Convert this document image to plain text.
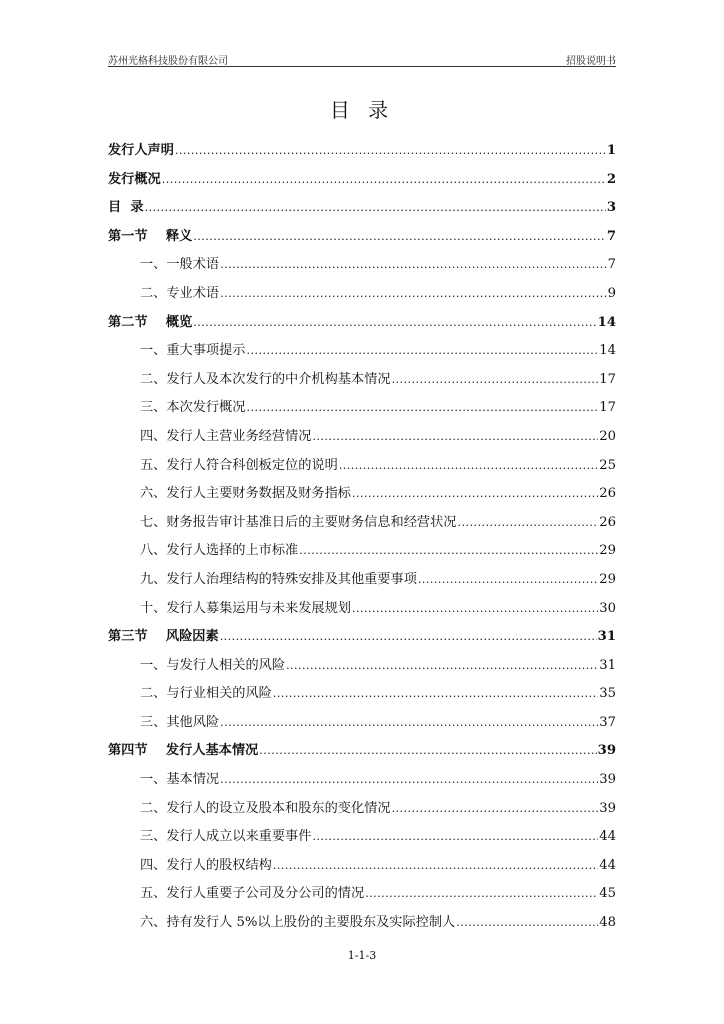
苏州光格科技股份有限公司	招股说明书
目 录
发行人声明 .....	1
发行概况 .....	2
目  录 .....	3
第一节    释义 .....	7
一、一般术语 .....	7
二、专业术语 .....	9
第二节    概览 .....	14
一、重大事项提示 .....	14
二、发行人及本次发行的中介机构基本情况 .....	17
三、本次发行概况 .....	17
四、发行人主营业务经营情况 .....	20
五、发行人符合科创板定位的说明 .....	25
六、发行人主要财务数据及财务指标 .....	26
七、财务报告审计基准日后的主要财务信息和经营状况 .....	26
八、发行人选择的上市标准 .....	29
九、发行人治理结构的特殊安排及其他重要事项 .....	29
十、发行人募集运用与未来发展规划 .....	30
第三节    风险因素 .....	31
一、与发行人相关的风险 .....	31
二、与行业相关的风险 .....	35
三、其他风险 .....	37
第四节    发行人基本情况 .....	39
一、基本情况 .....	39
二、发行人的设立及股本和股东的变化情况 .....	39
三、发行人成立以来重要事件 .....	44
四、发行人的股权结构 .....	44
五、发行人重要子公司及分公司的情况 .....	45
六、持有发行人 5%以上股份的主要股东及实际控制人 .....	48
1-1-3
